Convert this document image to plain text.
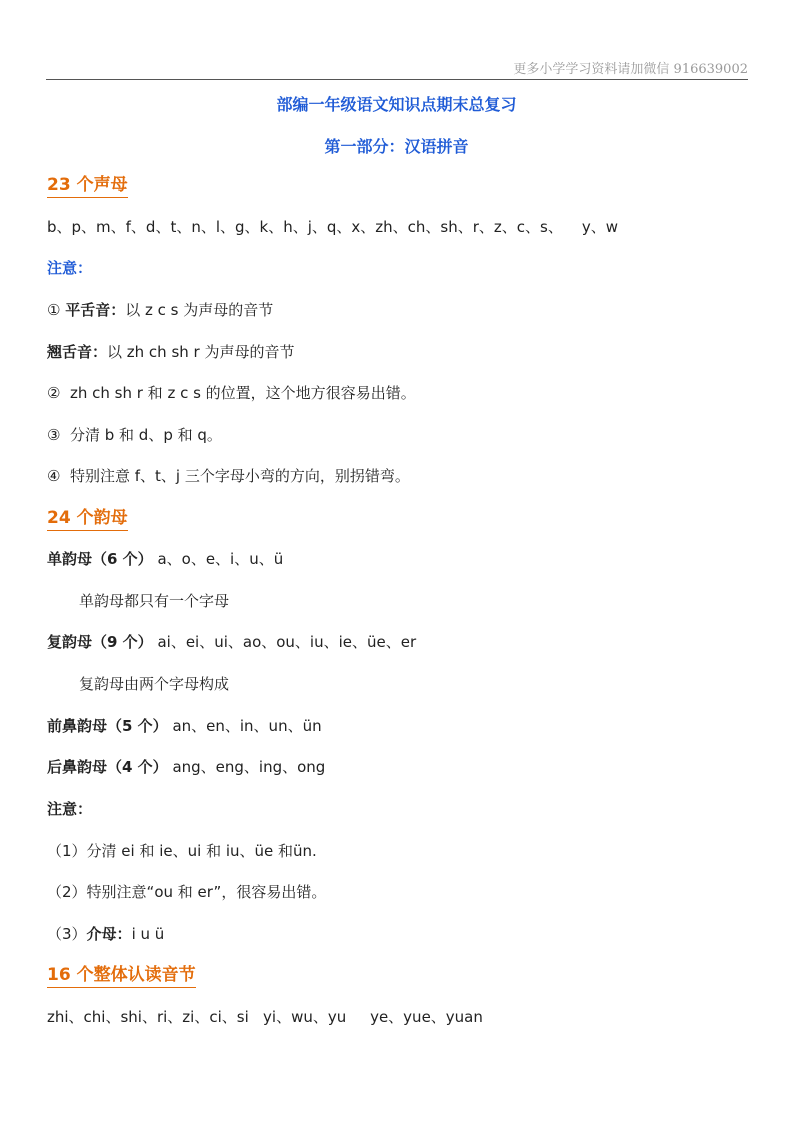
更多小学学习资料请加微信 916639002
部编一年级语文知识点期末总复习
第一部分：汉语拼音
23 个声母
b、p、m、f、d、t、n、l、g、k、h、j、q、x、zh、ch、sh、r、z、c、s、    y、w
注意：
① 平舌音：以 z c s 为声母的音节
翘舌音：以 zh ch sh r 为声母的音节
②  zh ch sh r 和 z c s 的位置，这个地方很容易出错。
③  分清 b 和 d、p 和 q。
④  特别注意 f、t、j 三个字母小弯的方向，别拐错弯。
24 个韵母
单韵母（6 个） a、o、e、i、u、ü
单韵母都只有一个字母
复韵母（9 个） ai、ei、ui、ao、ou、iu、ie、üe、er
复韵母由两个字母构成
前鼻韵母（5 个） an、en、in、un、ün
后鼻韵母（4 个） ang、eng、ing、ong
注意：
（1）分清 ei 和 ie、ui 和 iu、üe 和ün.
（2）特别注意“ou 和 er”，很容易出错。
（3）介母：i u ü
16 个整体认读音节
zhi、chi、shi、ri、zi、ci、si   yi、wu、yu     ye、yue、yuan
